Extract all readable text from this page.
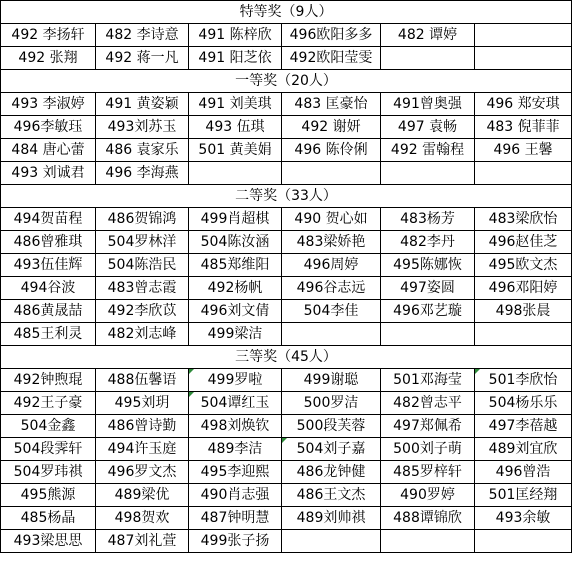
特等奖（9人）					
492 李扬轩	482 李诗意	491 陈梓欣	496欧阳多多	482 谭婷	
492 张翔	492 蒋一凡	491 阳芝依	492欧阳莹雯		
一等奖（20人）					
493 李淑婷	491 黄姿颖	491 刘美琪	483 匡豪怡	491曾奥强	496 郑安琪
496李敏珏	493刘苏玉	493 伍琪	492 谢妍	497 袁畅	483 倪菲菲
484 唐心蕾	486 袁家乐	501 黄美娟	496 陈伶俐	492 雷翰程	496 王馨
493 刘诚君	496 李海燕				
二等奖（33人）					
494贺苗程	486贺锦鸿	499肖超棋	490 贺心如	483杨芳	483梁欣怡
486曾雅琪	504罗林洋	504陈汝涵	483梁娇艳	482李丹	496赵佳芝
493伍佳辉	504陈浩民	485郑维阳	496周婷	495陈娜恢	495欧文杰
494谷波	483曾志霞	492杨帆	496谷志远	497姿圆	496邓阳婷
486黄晟喆	492李欣苡	496刘文倩	504李佳	496邓艺璇	498张晨
485王利灵	482刘志峰	499梁洁			
三等奖（45人）					
492钟煦琨	488伍馨语	499罗啦	499谢聪	501邓海莹	501李欣怡

492王子豪	495刘玥	504谭红玉	500罗洁	482曾志平	504杨乐乐
504金鑫	486曾诗勤	498刘焕钦	500段芙蓉	497郑佩希	497李蓓越
504段霁轩	494许玉庭	489李洁	504刘子嘉	500刘子萌	489刘宜欣
504罗玮祺	496罗文杰	495李迎熙	486龙钟健	485罗梓轩	496曾浩
495熊源	489梁优	490肖志强	486王文杰	490罗婷	501匡经翔
485杨晶	498贺欢	487钟明慧	489刘帅祺	488谭锦欣	493余敏
493梁思思	487刘礼萱	499张子扬			
